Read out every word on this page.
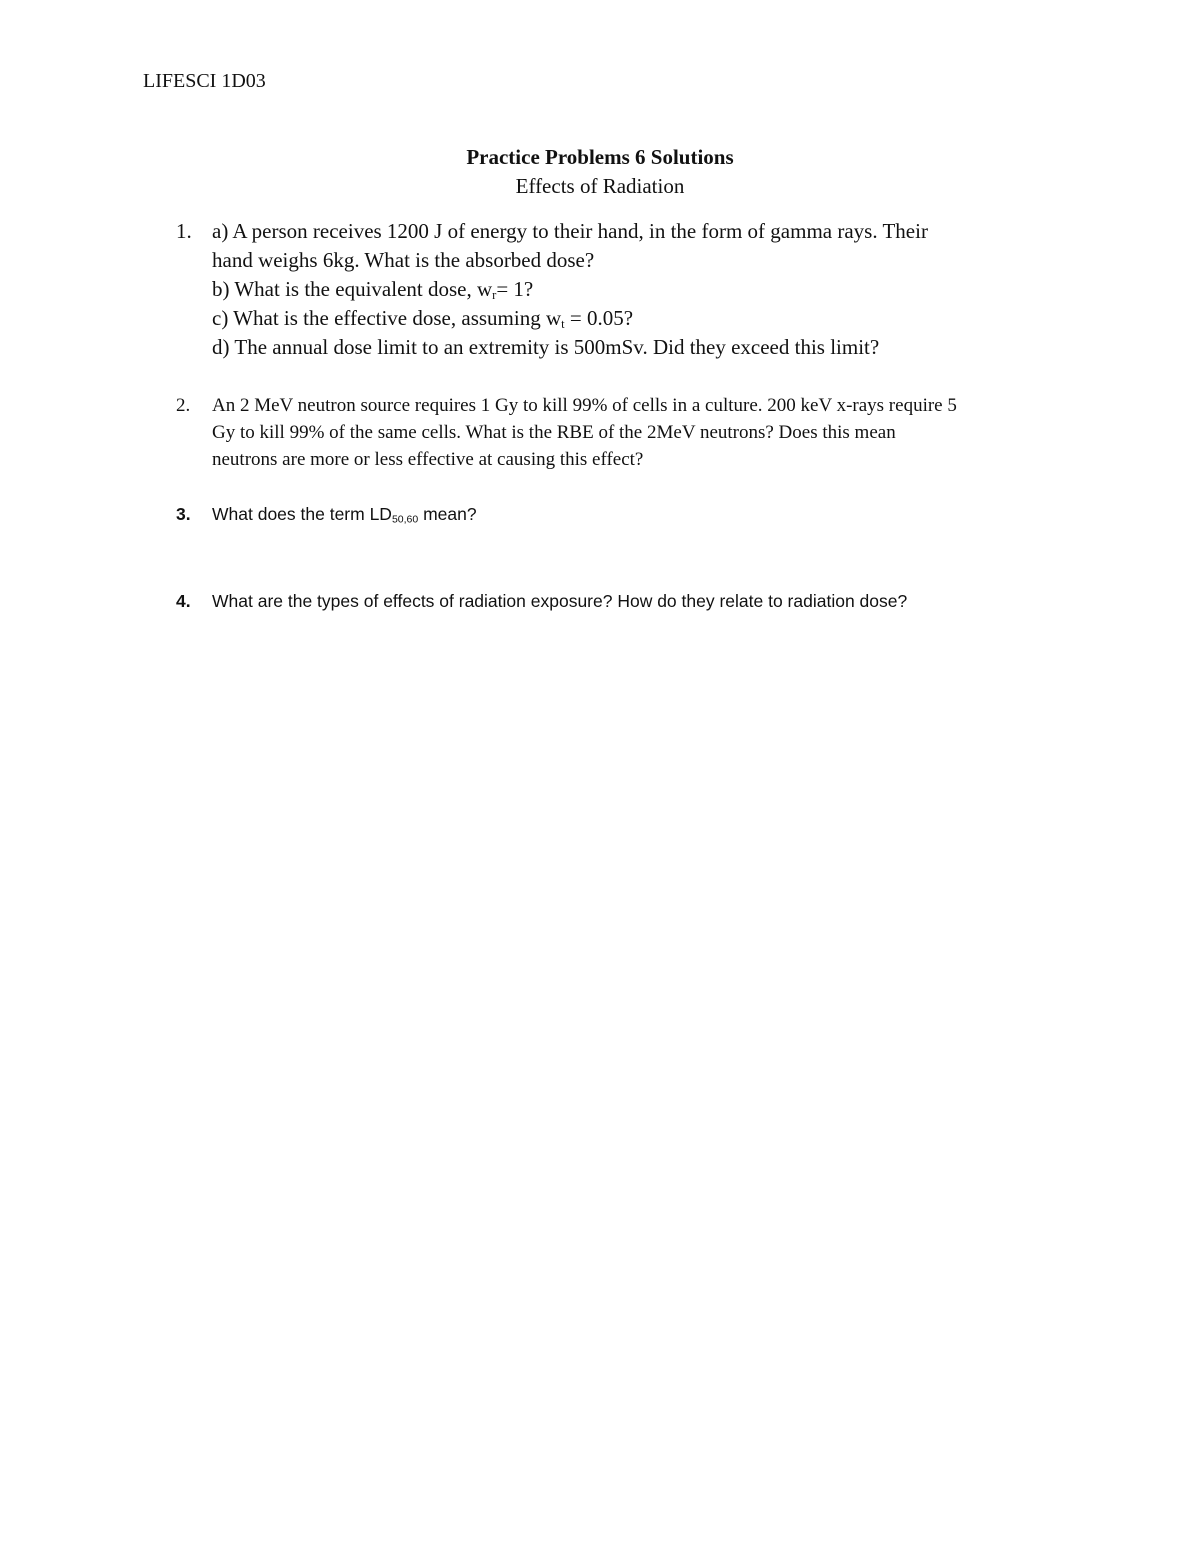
LIFESCI 1D03
Practice Problems 6 Solutions
Effects of Radiation
1. a) A person receives 1200 J of energy to their hand, in the form of gamma rays. Their
hand weighs 6kg. What is the absorbed dose?
b) What is the equivalent dose, $w_r= 1$?
c) What is the effective dose, assuming $w_t = 0.05$?
d) The annual dose limit to an extremity is 500mSv. Did they exceed this limit?
2. An 2 MeV neutron source requires 1 Gy to kill 99% of cells in a culture. 200 keV x-rays require 5
Gy to kill 99% of the same cells. What is the RBE of the 2MeV neutrons? Does this mean
neutrons are more or less effective at causing this effect?
3. What does the term $LD_{50,60}$ mean?
4. What are the types of effects of radiation exposure? How do they relate to radiation dose?
